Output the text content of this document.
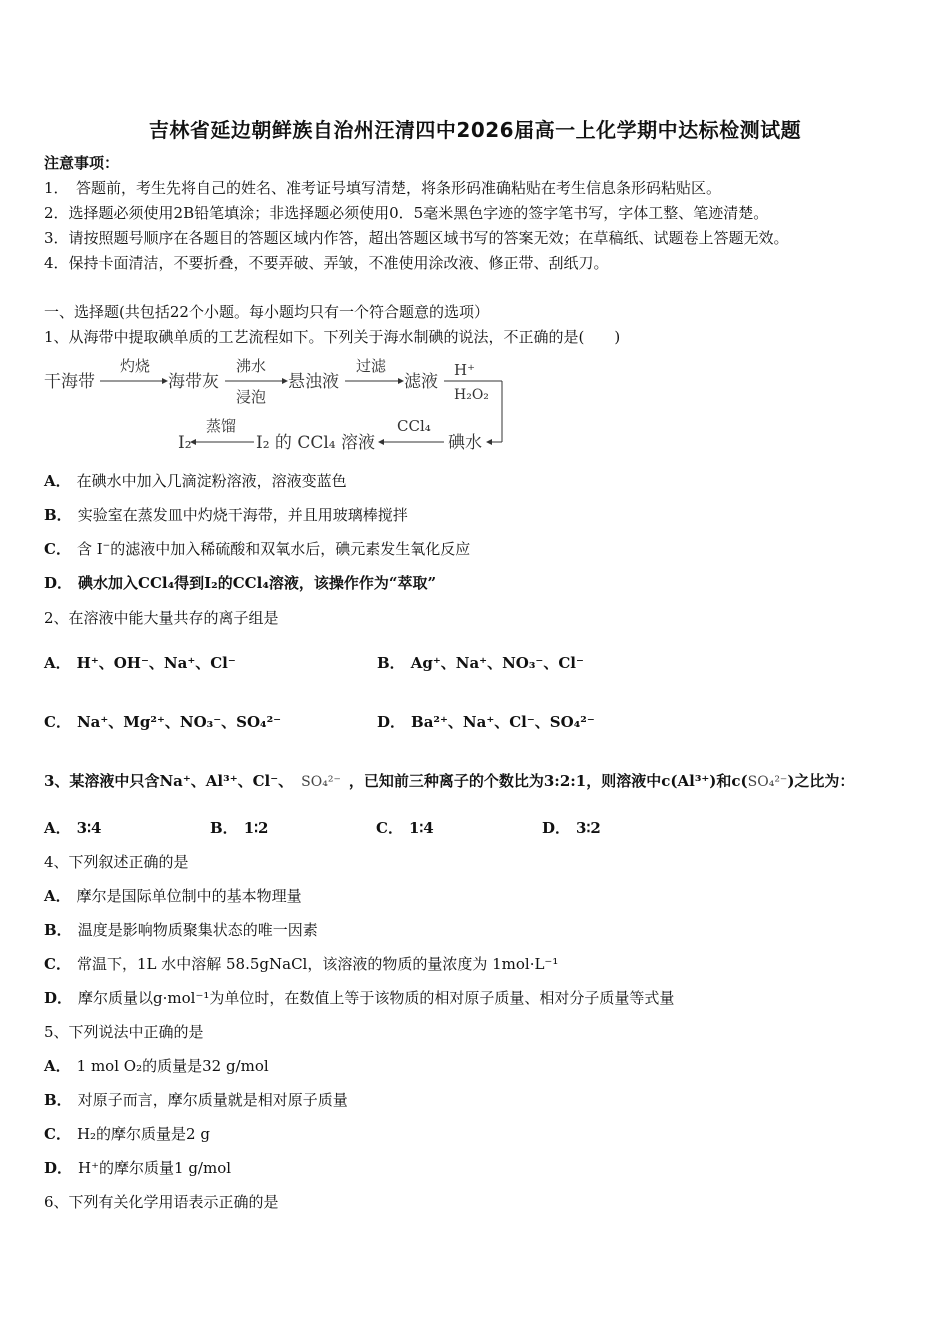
吉林省延边朝鲜族自治州汪清四中2026届高一上化学期中达标检测试题
注意事项：
1．　答题前，考生先将自己的姓名、准考证号填写清楚，将条形码准确粘贴在考生信息条形码粘贴区。
2．选择题必须使用2B铅笔填涂；非选择题必须使用0．5毫米黑色字迹的签字笔书写，字体工整、笔迹清楚。
3．请按照题号顺序在各题目的答题区域内作答，超出答题区域书写的答案无效；在草稿纸、试题卷上答题无效。
4．保持卡面清洁，不要折叠，不要弄破、弄皱，不准使用涂改液、修正带、刮纸刀。
一、选择题(共包括22个小题。每小题均只有一个符合题意的选项）
1、从海带中提取碘单质的工艺流程如下。下列关于海水制碘的说法，不正确的是(　　)
干海带
灼烧
海带灰
沸水
浸泡
悬浊液
过滤
滤液
H⁺
H₂O₂
碘水
CCl₄
I₂ 的 CCl₄ 溶液
蒸馏
I₂
A． 在碘水中加入几滴淀粉溶液，溶液变蓝色
B． 实验室在蒸发皿中灼烧干海带，并且用玻璃棒搅拌
C． 含 I−的滤液中加入稀硫酸和双氧水后，碘元素发生氧化反应
D． 碘水加入CCl₄得到I₂的CCl₄溶液，该操作作为“萃取”
2、在溶液中能大量共存的离子组是
A． H⁺、OH⁻、Na⁺、Cl⁻	B． Ag⁺、Na⁺、NO₃⁻、Cl⁻
C． Na⁺、Mg²⁺、NO₃⁻、SO₄²⁻	D． Ba²⁺、Na⁺、Cl⁻、SO₄²⁻
3、某溶液中只含Na⁺、Al³⁺、Cl⁻、 SO₄²⁻ ，已知前三种离子的个数比为3:2:1，则溶液中c(Al³⁺)和c(SO₄²⁻)之比为：
A． 3∶4	B． 1∶2	C． 1∶4	D． 3∶2
4、下列叙述正确的是
A． 摩尔是国际单位制中的基本物理量
B． 温度是影响物质聚集状态的唯一因素
C． 常温下，1L 水中溶解 58.5gNaCl，该溶液的物质的量浓度为 1mol·L⁻¹
D． 摩尔质量以g·mol⁻¹为单位时，在数值上等于该物质的相对原子质量、相对分子质量等式量
5、下列说法中正确的是
A． 1 mol O₂的质量是32 g/mol
B． 对原子而言，摩尔质量就是相对原子质量
C． H₂的摩尔质量是2 g
D． H⁺的摩尔质量1 g/mol
6、下列有关化学用语表示正确的是
